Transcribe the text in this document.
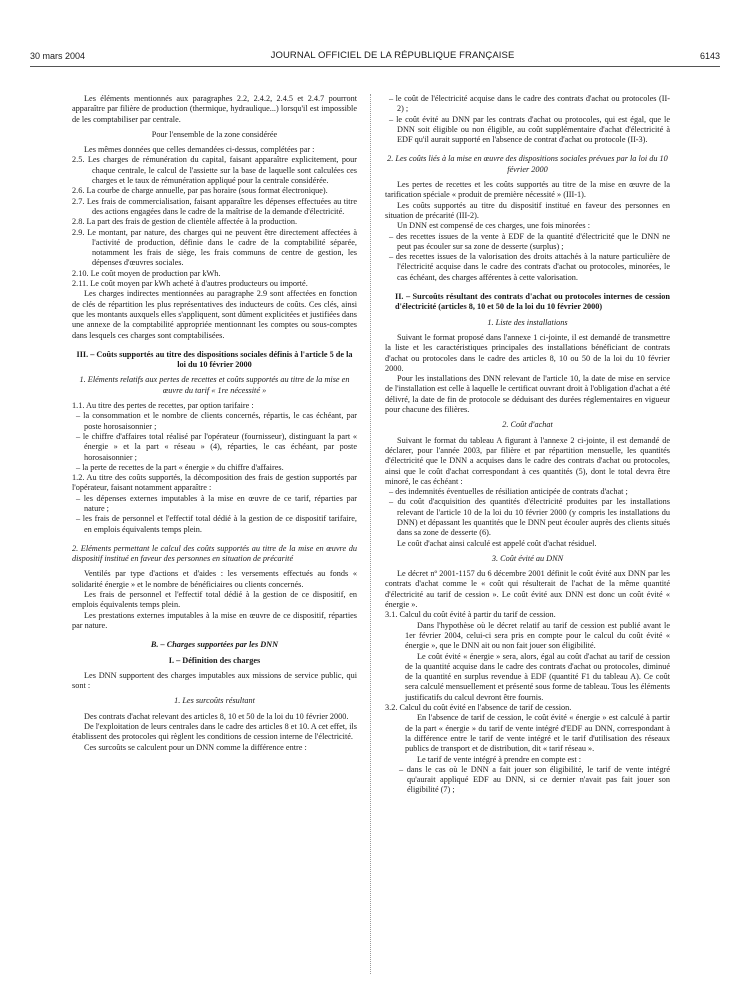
30 mars 2004	JOURNAL OFFICIEL DE LA RÉPUBLIQUE FRANÇAISE	6143

Les éléments mentionnés aux paragraphes 2.2, 2.4.2, 2.4.5 et 2.4.7 pourront apparaître par filière de production (thermique, hydraulique...) lorsqu'il est impossible de les comptabiliser par centrale.

Pour l'ensemble de la zone considérée

Les mêmes données que celles demandées ci-dessus, complétées par :

2.5. Les charges de rémunération du capital, faisant apparaître explicitement, pour chaque centrale, le calcul de l'assiette sur la base de laquelle sont calculées ces charges et le taux de rémunération appliqué pour la centrale considérée.
2.6. La courbe de charge annuelle, par pas horaire (sous format électronique).
2.7. Les frais de commercialisation, faisant apparaître les dépenses effectuées au titre des actions engagées dans le cadre de la maîtrise de la demande d'électricité.
2.8. La part des frais de gestion de clientèle affectée à la production.
2.9. Le montant, par nature, des charges qui ne peuvent être directement affectées à l'activité de production, définie dans le cadre de la comptabilité séparée, notamment les frais de siège, les frais communs de centre de gestion, les dépenses d'œuvres sociales.
2.10. Le coût moyen de production par kWh.
2.11. Le coût moyen par kWh acheté à d'autres producteurs ou importé.

Les charges indirectes mentionnées au paragraphe 2.9 sont affectées en fonction de clés de répartition les plus représentatives des inducteurs de coûts. Ces clés, ainsi que les montants auxquels elles s'appliquent, sont dûment explicitées et justifiées dans une annexe de la comptabilité appropriée mentionnant les comptes ou sous-comptes dans lesquels ces charges sont comptabilisées.

III. – Coûts supportés au titre des dispositions sociales définis à l'article 5 de la loi du 10 février 2000

1. Eléments relatifs aux pertes de recettes et coûts supportés au titre de la mise en œuvre du tarif « 1re nécessité »

1.1. Au titre des pertes de recettes, par option tarifaire :

– la consommation et le nombre de clients concernés, répartis, le cas échéant, par poste horosaisonnier ;
– le chiffre d'affaires total réalisé par l'opérateur (fournisseur), distinguant la part « énergie » et la part « réseau » (4), réparties, le cas échéant, par poste horosaisonnier ;
– la perte de recettes de la part « énergie » du chiffre d'affaires.

1.2. Au titre des coûts supportés, la décomposition des frais de gestion supportés par l'opérateur, faisant notamment apparaître :

– les dépenses externes imputables à la mise en œuvre de ce tarif, réparties par nature ;
– les frais de personnel et l'effectif total dédié à la gestion de ce dispositif tarifaire, en emplois équivalents temps plein.

2. Eléments permettant le calcul des coûts supportés au titre de la mise en œuvre du dispositif institué en faveur des personnes en situation de précarité

Ventilés par type d'actions et d'aides : les versements effectués au fonds « solidarité énergie » et le nombre de bénéficiaires ou clients concernés.

Les frais de personnel et l'effectif total dédié à la gestion de ce dispositif, en emplois équivalents temps plein.

Les prestations externes imputables à la mise en œuvre de ce dispositif, réparties par nature.

B. – Charges supportées par les DNN

I. – Définition des charges

Les DNN supportent des charges imputables aux missions de service public, qui sont :

1. Les surcoûts résultant

Des contrats d'achat relevant des articles 8, 10 et 50 de la loi du 10 février 2000.

De l'exploitation de leurs centrales dans le cadre des articles 8 et 10. A cet effet, ils établissent des protocoles qui règlent les conditions de cession interne de l'électricité.

Ces surcoûts se calculent pour un DNN comme la différence entre :

– le coût de l'électricité acquise dans le cadre des contrats d'achat ou protocoles (II-2) ;
– le coût évité au DNN par les contrats d'achat ou protocoles, qui est égal, que le DNN soit éligible ou non éligible, au coût supplémentaire d'achat d'électricité à EDF qu'il aurait supporté en l'absence de contrat d'achat ou protocole (II-3).

2. Les coûts liés à la mise en œuvre des dispositions sociales prévues par la loi du 10 février 2000

Les pertes de recettes et les coûts supportés au titre de la mise en œuvre de la tarification spéciale « produit de première nécessité » (III-1).

Les coûts supportés au titre du dispositif institué en faveur des personnes en situation de précarité (III-2).

Un DNN est compensé de ces charges, une fois minorées :

– des recettes issues de la vente à EDF de la quantité d'électricité que le DNN ne peut pas écouler sur sa zone de desserte (surplus) ;
– des recettes issues de la valorisation des droits attachés à la nature particulière de l'électricité acquise dans le cadre des contrats d'achat ou protocoles, minorées, le cas échéant, des charges afférentes à cette valorisation.

II. – Surcoûts résultant des contrats d'achat ou protocoles internes de cession d'électricité (articles 8, 10 et 50 de la loi du 10 février 2000)

1. Liste des installations

Suivant le format proposé dans l'annexe 1 ci-jointe, il est demandé de transmettre la liste et les caractéristiques principales des installations bénéficiant de contrats d'achat ou protocoles dans le cadre des articles 8, 10 ou 50 de la loi du 10 février 2000.

Pour les installations des DNN relevant de l'article 10, la date de mise en service de l'installation est celle à laquelle le certificat ouvrant droit à l'obligation d'achat a été délivré, la date de fin de protocole se déduisant des durées réglementaires en vigueur pour chacune des filières.

2. Coût d'achat

Suivant le format du tableau A figurant à l'annexe 2 ci-jointe, il est demandé de déclarer, pour l'année 2003, par filière et par répartition mensuelle, les quantités d'électricité que le DNN a acquises dans le cadre des contrats d'achat ou protocoles, ainsi que le coût d'achat correspondant à ces quantités (5), dont le total devra être minoré, le cas échéant :

– des indemnités éventuelles de résiliation anticipée de contrats d'achat ;
– du coût d'acquisition des quantités d'électricité produites par les installations relevant de l'article 10 de la loi du 10 février 2000 (y compris les installations du DNN) et dépassant les quantités que le DNN peut écouler auprès des clients situés dans sa zone de desserte (6).

Le coût d'achat ainsi calculé est appelé coût d'achat résiduel.

3. Coût évité au DNN

Le décret nº 2001-1157 du 6 décembre 2001 définit le coût évité aux DNN par les contrats d'achat comme le « coût qui résulterait de l'achat de la même quantité d'électricité au tarif de cession ». Le coût évité aux DNN est donc un coût évité « énergie ».

3.1. Calcul du coût évité à partir du tarif de cession.

Dans l'hypothèse où le décret relatif au tarif de cession est publié avant le 1er février 2004, celui-ci sera pris en compte pour le calcul du coût évité « énergie », que le DNN ait ou non fait jouer son éligibilité.

Le coût évité « énergie » sera, alors, égal au coût d'achat au tarif de cession de la quantité acquise dans le cadre des contrats d'achat ou protocoles, diminué de la quantité en surplus revendue à EDF (quantité F1 du tableau A). Ce coût sera calculé mensuellement et présenté sous forme de tableau. Tous les éléments justificatifs du calcul devront être fournis.

3.2. Calcul du coût évité en l'absence de tarif de cession.

En l'absence de tarif de cession, le coût évité « énergie » est calculé à partir de la part « énergie » du tarif de vente intégré d'EDF au DNN, correspondant à la différence entre le tarif de vente intégré et le tarif d'utilisation des réseaux publics de transport et de distribution, dit « tarif réseau ».

Le tarif de vente intégré à prendre en compte est :

– dans le cas où le DNN a fait jouer son éligibilité, le tarif de vente intégré qu'aurait appliqué EDF au DNN, si ce dernier n'avait pas fait jouer son éligibilité (7) ;
